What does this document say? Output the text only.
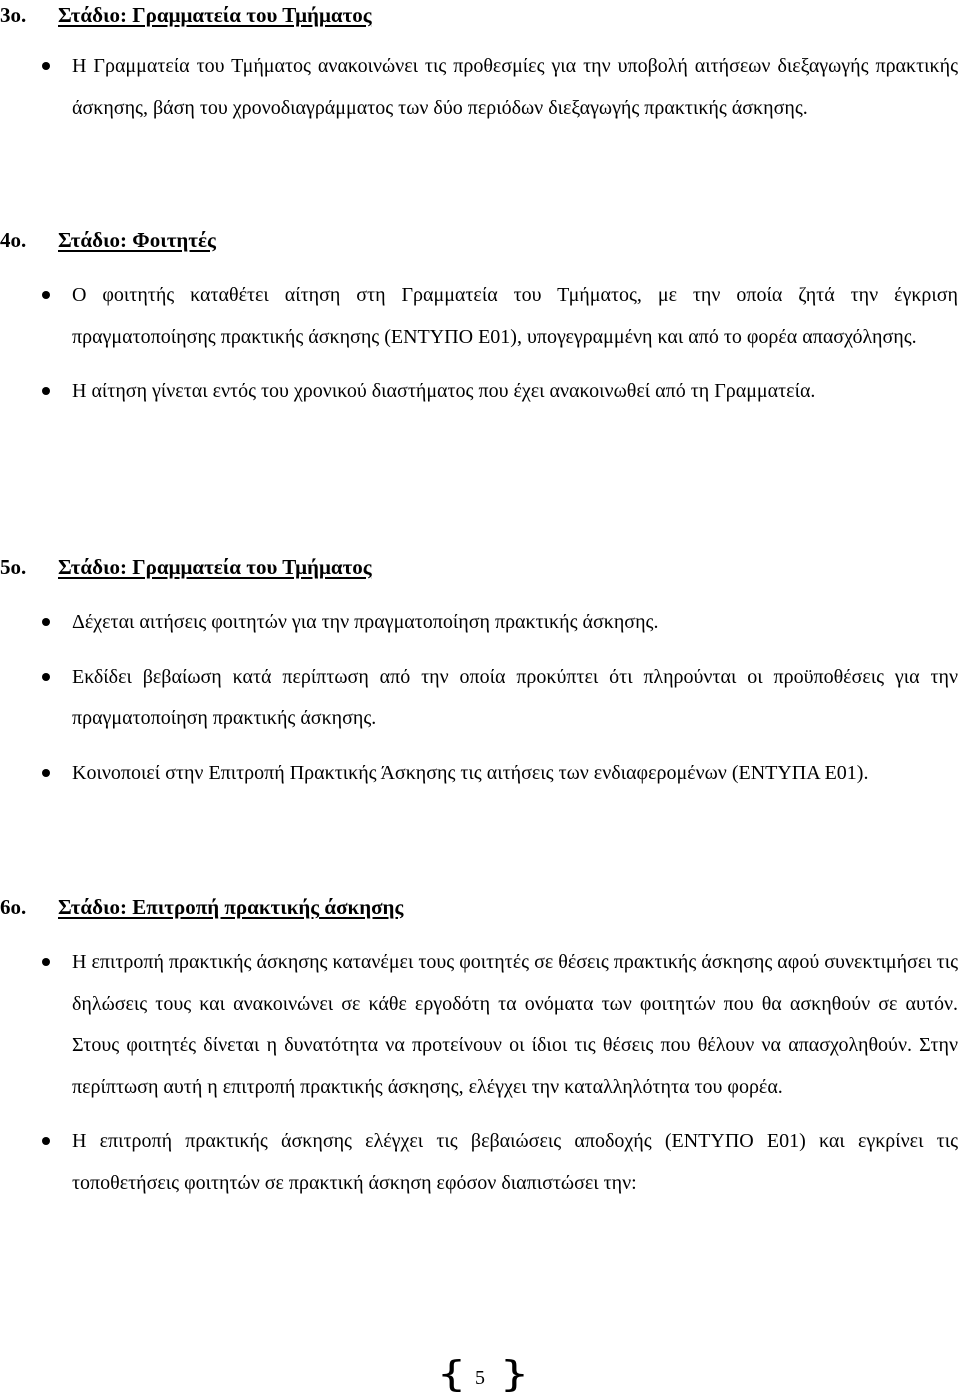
3ο. Στάδιο: Γραμματεία του Τμήματος
Η Γραμματεία του Τμήματος ανακοινώνει τις προθεσμίες για την υποβολή αιτήσεων διεξαγωγής πρακτικής άσκησης, βάση του χρονοδιαγράμματος των δύο περιόδων διεξαγωγής πρακτικής άσκησης.
4ο. Στάδιο: Φοιτητές
Ο φοιτητής καταθέτει αίτηση στη Γραμματεία του Τμήματος, με την οποία ζητά την έγκριση πραγματοποίησης πρακτικής άσκησης (ΕΝΤΥΠΟ Ε01), υπογεγραμμένη και από το φορέα απασχόλησης.
Η αίτηση γίνεται εντός του χρονικού διαστήματος που έχει ανακοινωθεί από τη Γραμματεία.
5ο. Στάδιο: Γραμματεία του Τμήματος
Δέχεται αιτήσεις φοιτητών για την πραγματοποίηση πρακτικής άσκησης.
Εκδίδει βεβαίωση κατά περίπτωση από την οποία προκύπτει ότι πληρούνται οι προϋποθέσεις για την πραγματοποίηση πρακτικής άσκησης.
Κοινοποιεί στην Επιτροπή Πρακτικής Άσκησης τις αιτήσεις των ενδιαφερομένων (ΕΝΤΥΠΑ Ε01).
6ο. Στάδιο: Επιτροπή πρακτικής άσκησης
Η επιτροπή πρακτικής άσκησης κατανέμει τους φοιτητές σε θέσεις πρακτικής άσκησης αφού συνεκτιμήσει τις δηλώσεις τους και ανακοινώνει σε κάθε εργοδότη τα ονόματα των φοιτητών που θα ασκηθούν σε αυτόν. Στους φοιτητές δίνεται η δυνατότητα να προτείνουν οι ίδιοι τις θέσεις που θέλουν να απασχοληθούν. Στην περίπτωση αυτή η επιτροπή πρακτικής άσκησης, ελέγχει την καταλληλότητα του φορέα.
Η επιτροπή πρακτικής άσκησης ελέγχει τις βεβαιώσεις αποδοχής (ΕΝΤΥΠΟ Ε01) και εγκρίνει τις τοποθετήσεις φοιτητών σε πρακτική άσκηση εφόσον διαπιστώσει την:
{ 5 }
